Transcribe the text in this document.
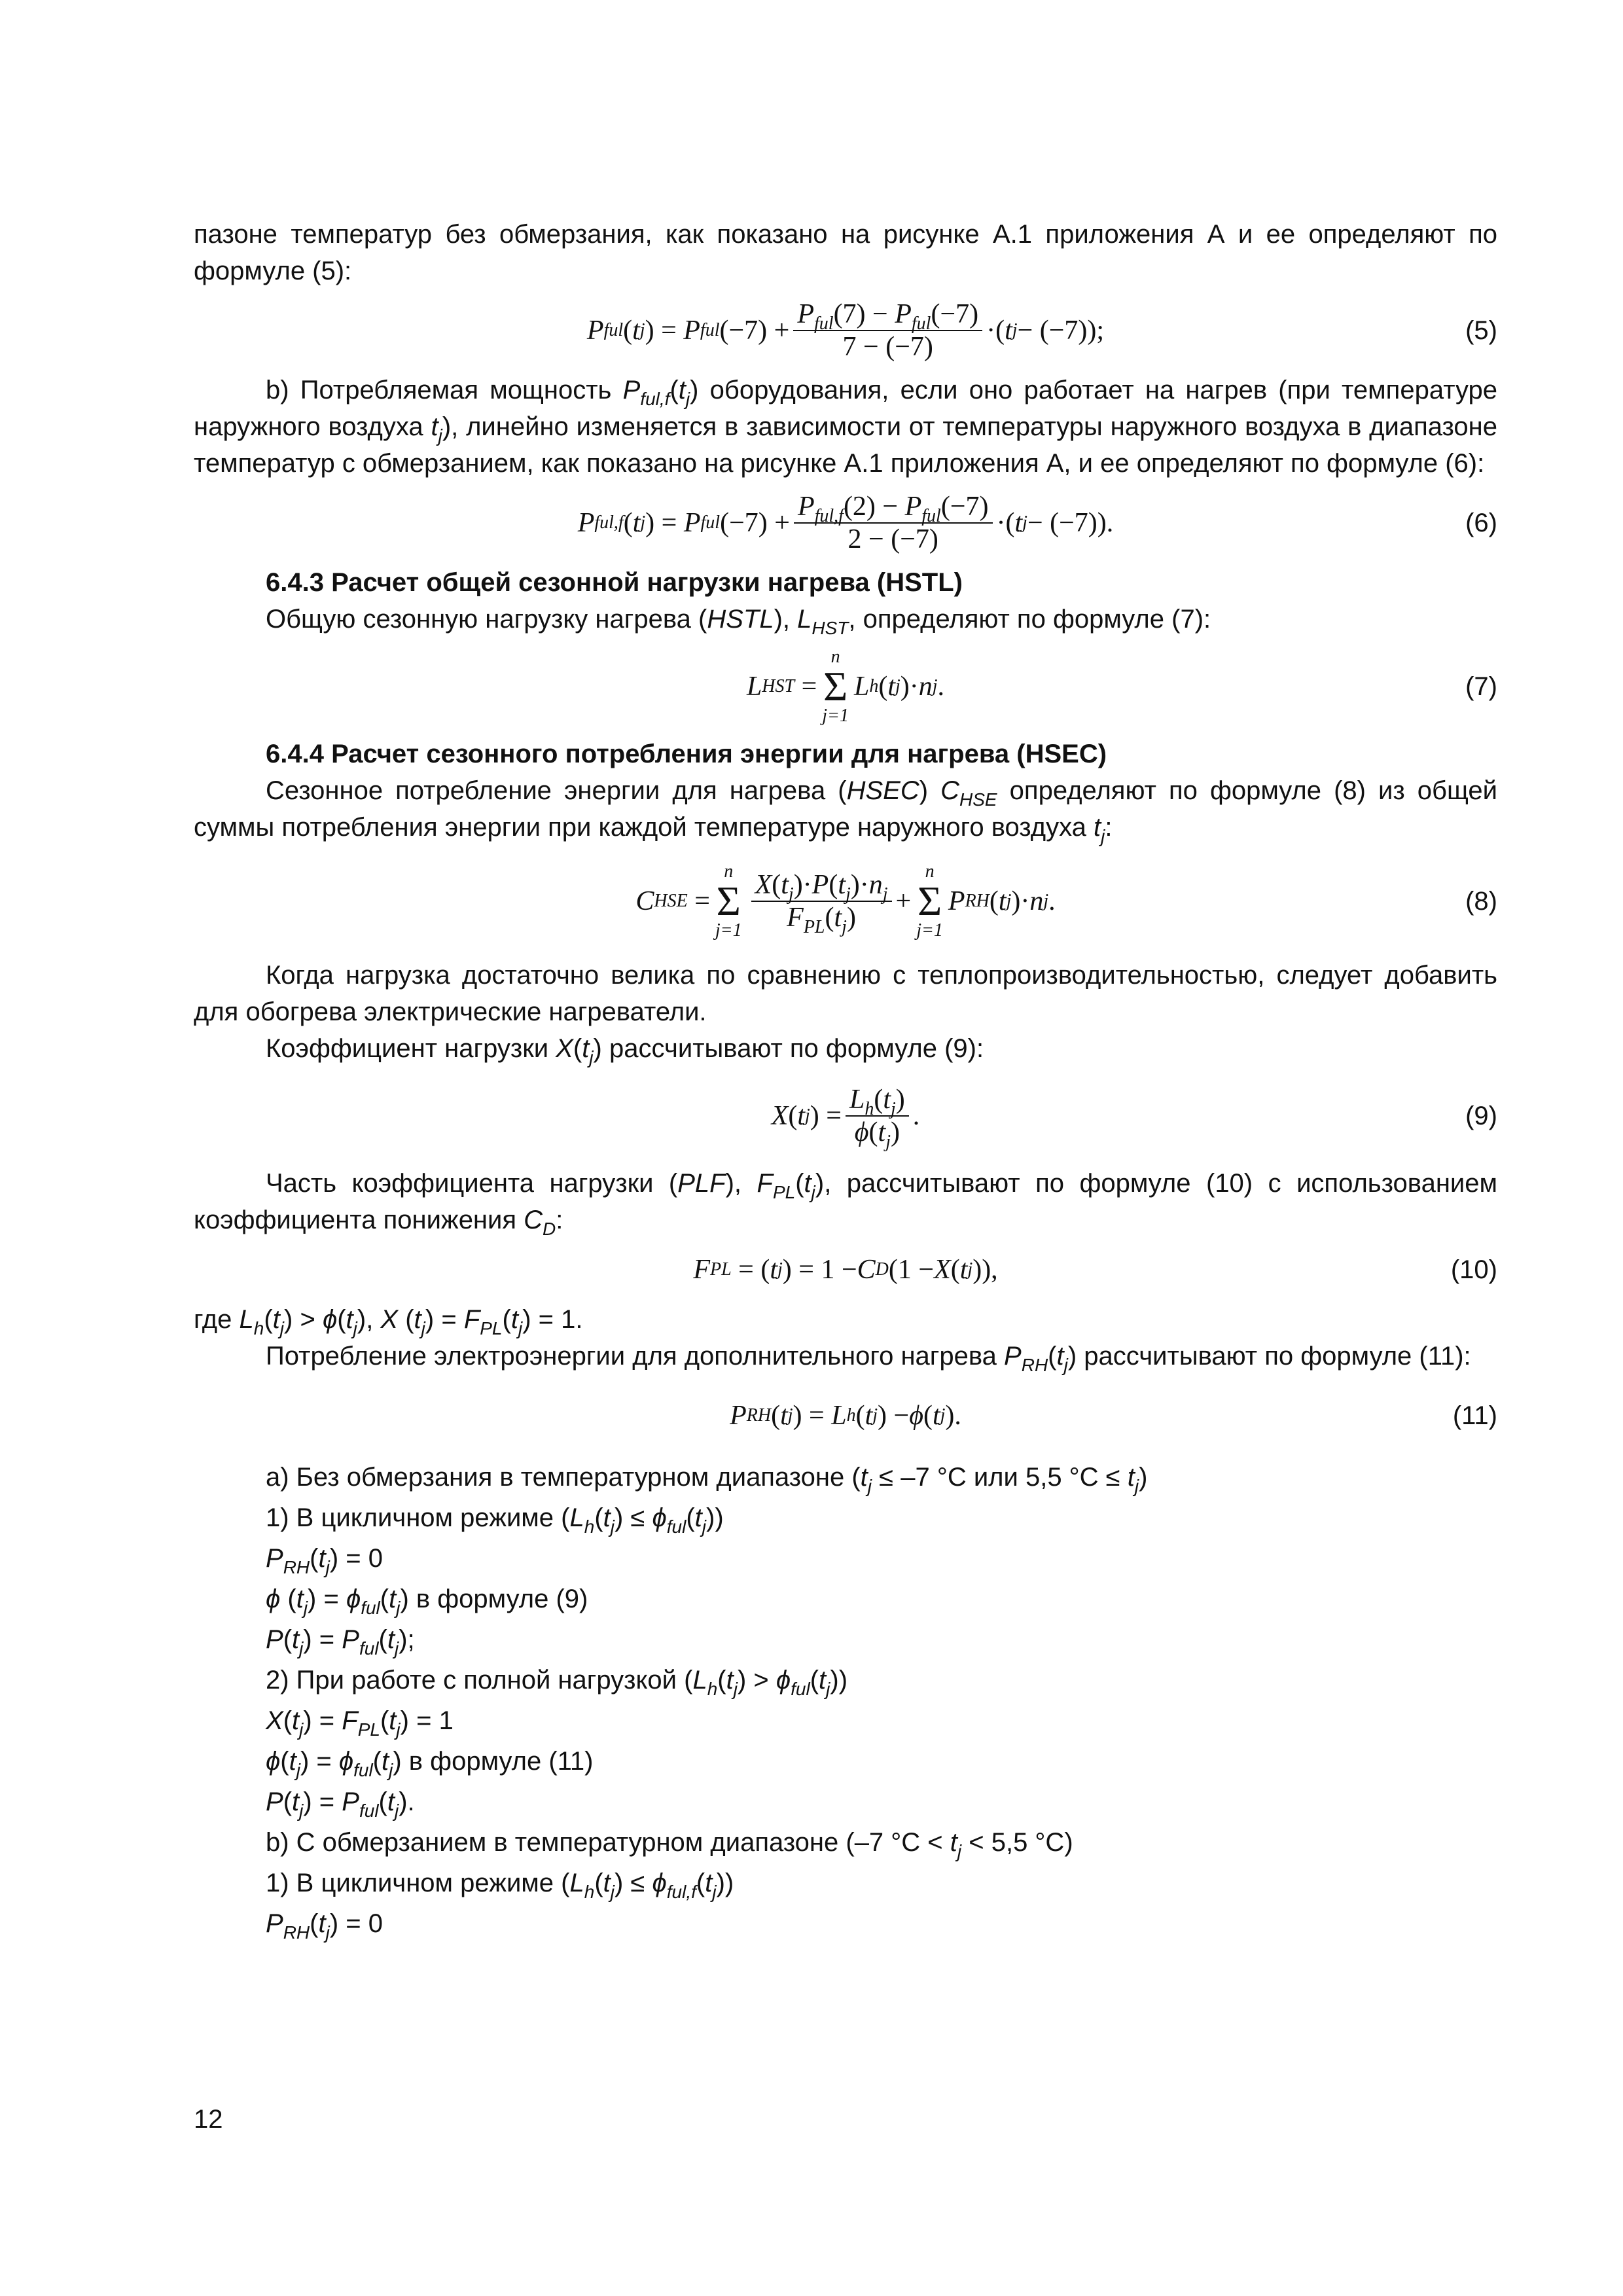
пазоне температур без обмерзания, как показано на рисунке А.1 приложения А и ее определяют по формуле (5):

P ful ( t j ) = P ful (−7) +
$P_{ful}(7) - P_{ful}(-7)$
7 − (−7)
·( t j − (−7));	(5)

b) Потребляемая мощность $P_{ful,f}(t_j)$ оборудования, если оно работает на нагрев (при температуре наружного воздуха $t_j$), линейно изменяется в зависимости от температуры наружного воздуха в диапазоне температур с обмерзанием, как показано на рисунке А.1 приложения А, и ее определяют по формуле (6):

P ful,f ( t j ) = P ful (−7) +
$P_{ful,f}(2) - P_{ful}(-7)$
2 − (−7)
·( t j − (−7)).	(6)

6.4.3 Расчет общей сезонной нагрузки нагрева (HSTL)

Общую сезонную нагрузку нагрева (HSTL), $L_{HST}$, определяют по формуле (7):

L HST =
n
Σ
j=1
L h ( t j )· n j .	(7)

6.4.4 Расчет сезонного потребления энергии для нагрева (HSEC)

Сезонное потребление энергии для нагрева (HSEC) $C_{HSE}$ определяют по формуле (8) из общей суммы потребления энергии при каждой температуре наружного воздуха $t_j$:

C HSE =
n
Σ
j=1
$X(t_j)\cdot P(t_j)\cdot n_j$
$F_{PL}(t_j)$
+
n
Σ
j=1
P RH ( t j )· n j .	(8)

Когда нагрузка достаточно велика по сравнению с теплопроизводительностью, следует добавить для обогрева электрические нагреватели.

Коэффициент нагрузки $X(t_j)$ рассчитывают по формуле (9):

X ( t j ) =
$L_h(t_j)$
$\phi(t_j)$
.	(9)

Часть коэффициента нагрузки (PLF), $F_{PL}(t_j)$, рассчитывают по формуле (10) с использованием коэффициента понижения $C_D$:

F PL = ( t j ) = 1 − C D (1 − X ( t j )),	(10)

где $L_h(t_j) > \phi(t_j)$, X $(t_j) = F_{PL}(t_j) = 1$.

Потребление электроэнергии для дополнительного нагрева $P_{RH}(t_j)$ рассчитывают по формуле (11):

P RH ( t j ) = L h ( t j ) − ϕ ( t j ).	(11)

а) Без обмерзания в температурном диапазоне ($t_j \le -7$ °С или 5,5 $^\circ С \le t_j$)

1) В цикличном режиме $(L_h(t_j) \le \phi_{ful}(t_j))$

$P_{RH}(t_j) = 0$

ϕ $(t_j) = \phi_{ful}(t_j)$ в формуле (9)

$P(t_j) = P_{ful}(t_j)$;

2) При работе с полной нагрузкой $(L_h(t_j) > \phi_{ful}(t_j))$

$X(t_j) = F_{PL}(t_j) = 1$

$\phi(t_j) = \phi_{ful}(t_j)$ в формуле (11)

$P(t_j) = P_{ful}(t_j)$.

b) С обмерзанием в температурном диапазоне (–7 $^\circ С < t_j < 5,5$ °С)

1) В цикличном режиме $(L_h(t_j) \le \phi_{ful,f}(t_j))$

$P_{RH}(t_j) = 0$

12
